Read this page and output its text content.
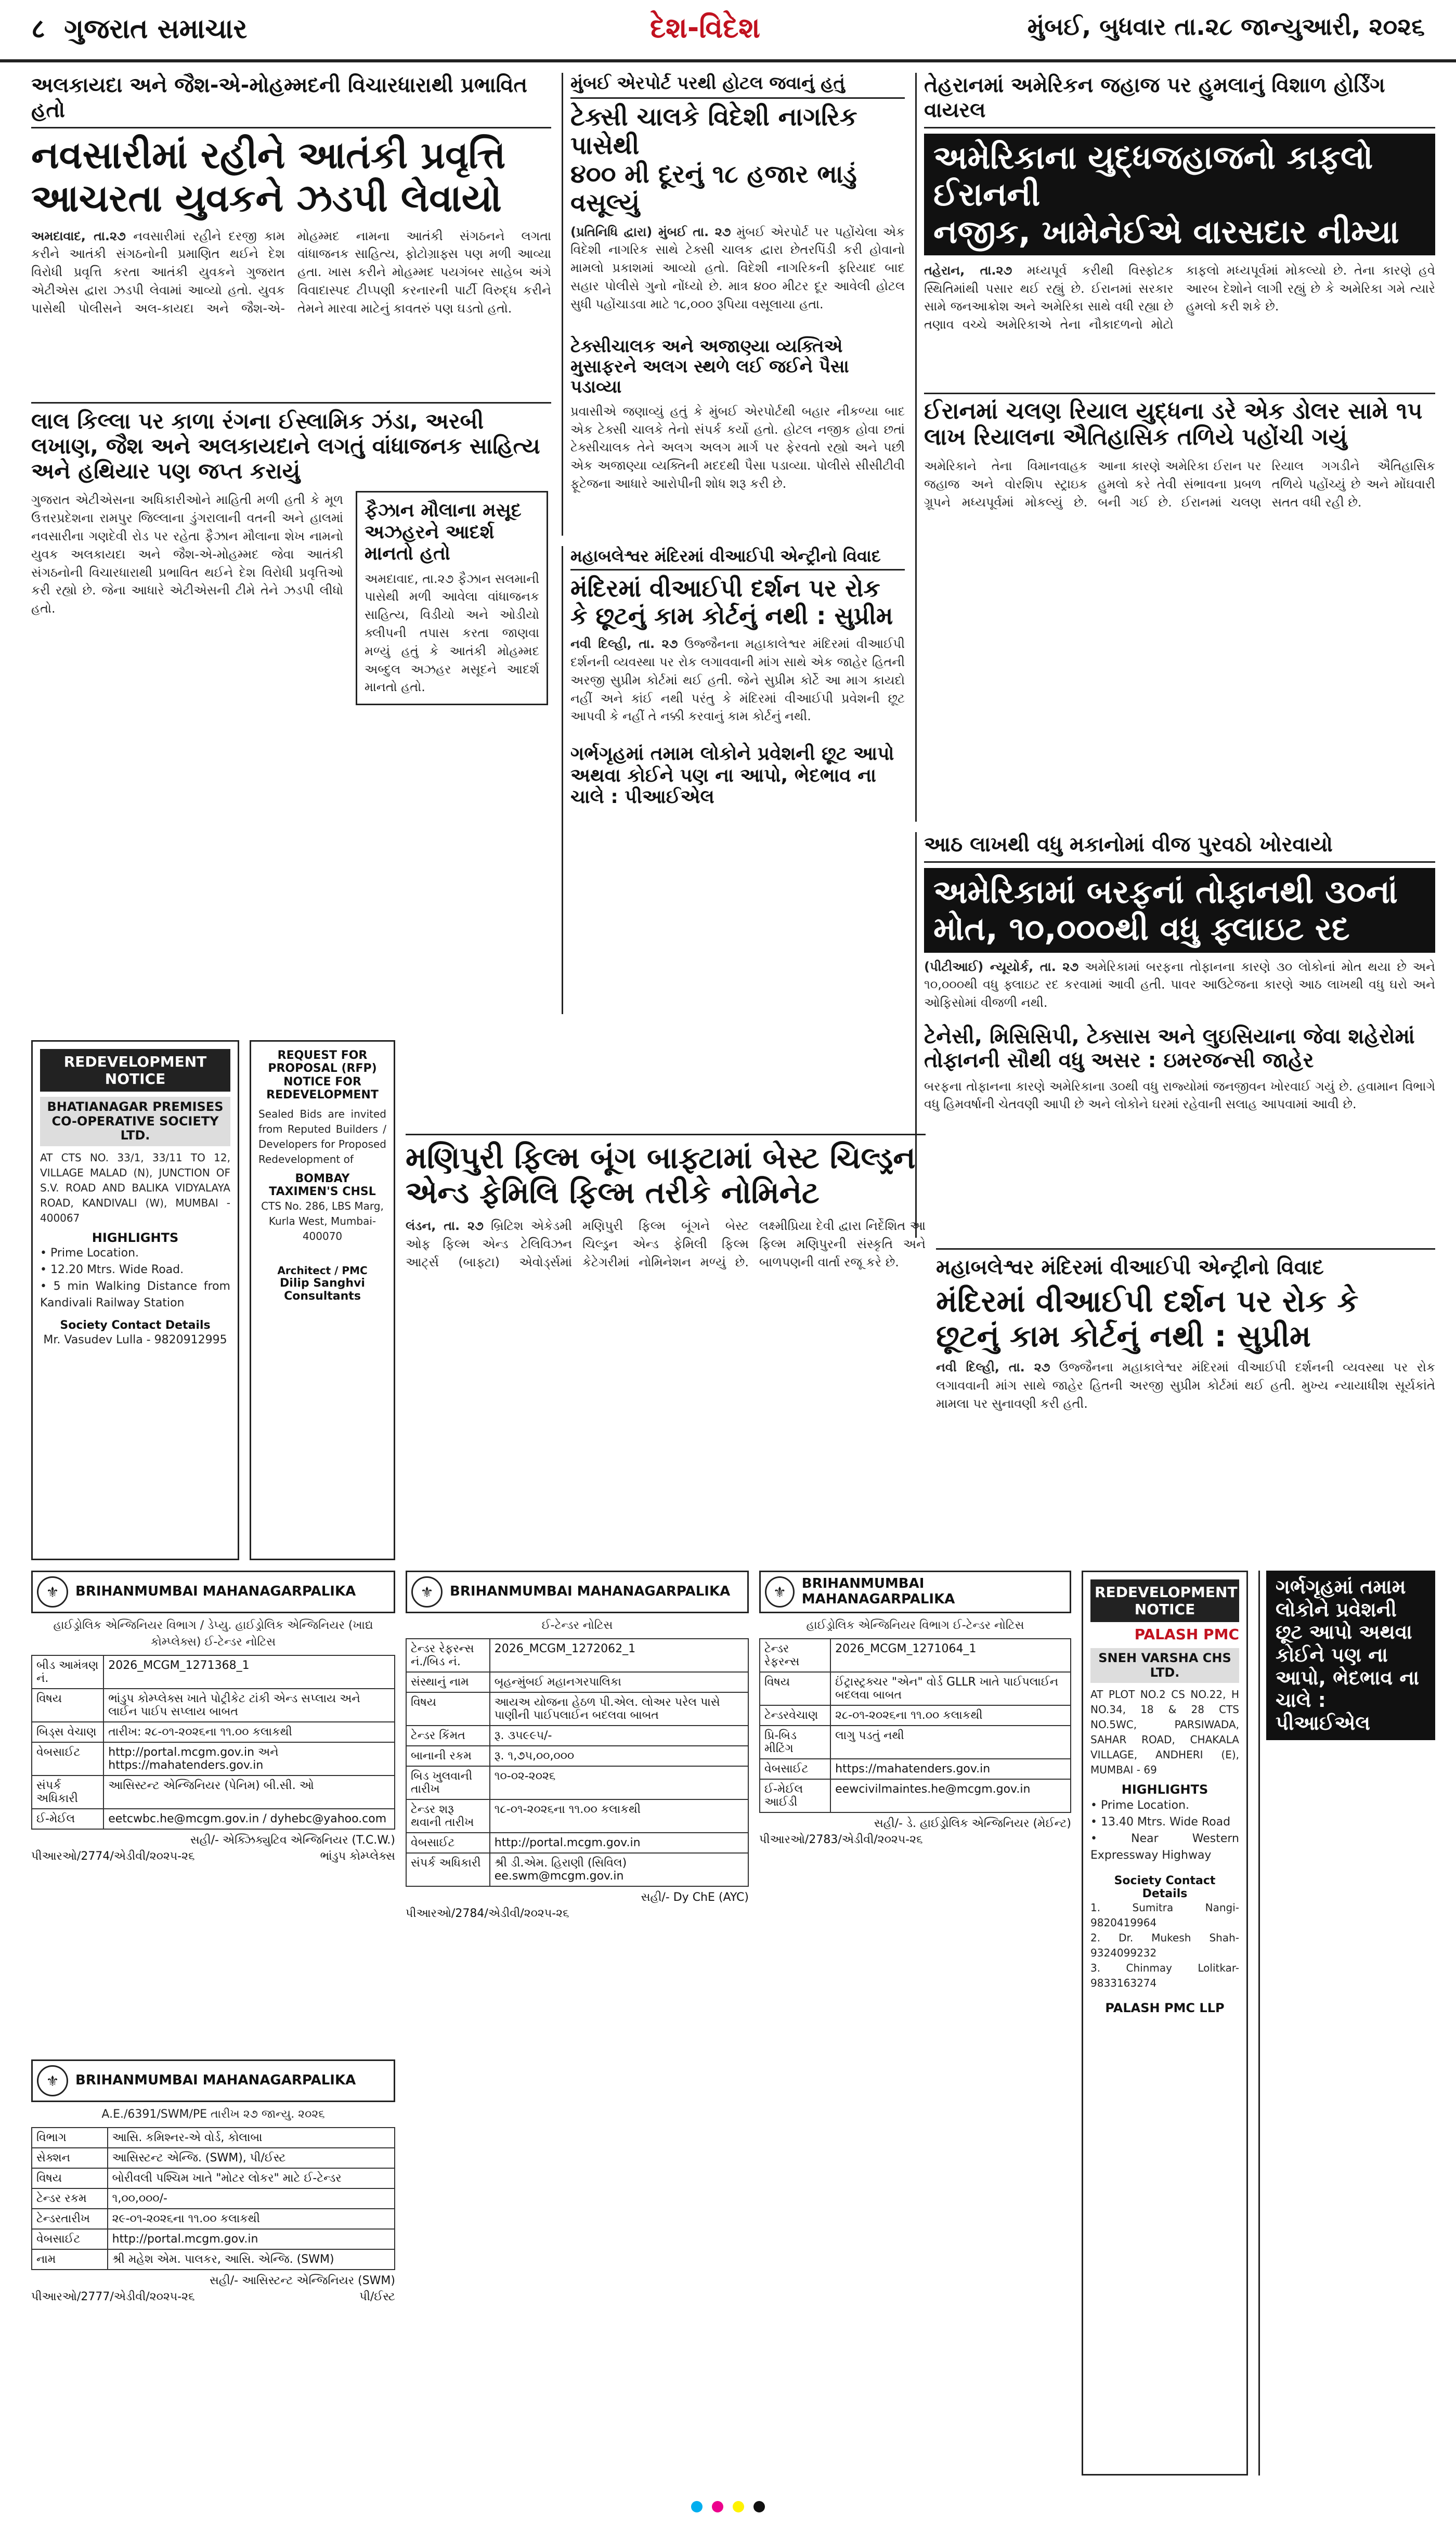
८ ગુજરાત સમાચાર	દેશ-વિદેશ	મુંબઈ, બુધવાર તા.૨૮ જાન્યુઆરી, ૨૦૨૬
અલકાયદા અને જૈશ-એ-મોહમ્મદની વિચારધારાથી પ્રભાવિત હતો
નવસારીમાં રહીને આતંકી પ્રવૃત્તિ
આચરતા યુવકને ઝડપી લેવાયો
અમદાવાદ, તા.૨૭ નવસારીમાં રહીને દરજી કામ કરીને આતંકી સંગઠનોની પ્રમાણિત થઈને દેશ વિરોધી પ્રવૃત્તિ કરતા આતંકી યુવકને ગુજરાત એટીએસ દ્વારા ઝડપી લેવામાં આવ્યો હતો. યુવક પાસેથી પોલીસને અલ-કાયદા અને જૈશ-એ-મોહમ્મદ નામના આતંકી સંગઠનને લગતા વાંધાજનક સાહિત્ય, ફોટોગ્રાફ્સ પણ મળી આવ્યા હતા. ખાસ કરીને મોહમ્મદ પયગંબર સાહેબ અંગે વિવાદાસ્પદ ટીપ્પણી કરનારની પાર્ટી વિરુદ્ધ કરીને તેમને મારવા માટેનું કાવતરું પણ ઘડતો હતો.
લાલ કિલ્લા પર કાળા રંગના ઈસ્લામિક ઝંડા, અરબી લખાણ, જૈશ અને અલકાયદાને લગતું વાંધાજનક સાહિત્ય અને હથિયાર પણ જપ્ત કરાયું
ગુજરાત એટીએસના અધિકારીઓને માહિતી મળી હતી કે મૂળ ઉત્તરપ્રદેશના રામપુર જિલ્લાના ડુંગરાલાની વતની અને હાલમાં નવસારીના ગણદેવી રોડ પર રહેતા ફૈઝાન મૌલાના શેખ નામનો યુવક અલકાયદા અને જૈશ-એ-મોહમ્મદ જેવા આતંકી સંગઠનોની વિચારધારાથી પ્રભાવિત થઈને દેશ વિરોધી પ્રવૃત્તિઓ કરી રહ્યો છે. જેના આધારે એટીએસની ટીમે તેને ઝડપી લીધો હતો.
ફૈઝાન મૌલાના મસૂદ અઝહરને આદર્શ માનતો હતો
અમદાવાદ, તા.૨૭ ફૈઝાન સલમાની પાસેથી મળી આવેલા વાંધાજનક સાહિત્ય, વિડીયો અને ઓડીયો ક્લીપની તપાસ કરતા જાણવા મળ્યું હતું કે આતંકી મોહમ્મદ અબ્દુલ અઝહર મસૂદને આદર્શ માનતો હતો.
મુંબઈ એરપોર્ટ પરથી હોટલ જવાનું હતું
ટેક્સી ચાલકે વિદેશી નાગરિક પાસેથી
૪૦૦ મી દૂરનું ૧૮ હજાર ભાડું વસૂલ્યું
(પ્રતિનિધિ દ્વારા) મુંબઈ તા. ૨૭ મુંબઈ એરપોર્ટ પર પહોંચેલા એક વિદેશી નાગરિક સાથે ટેક્સી ચાલક દ્વારા છેતરપિંડી કરી હોવાનો મામલો પ્રકાશમાં આવ્યો હતો. વિદેશી નાગરિકની ફરિયાદ બાદ સહાર પોલીસે ગુનો નોંધ્યો છે. માત્ર ૪૦૦ મીટર દૂર આવેલી હોટલ સુધી પહોંચાડવા માટે ૧૮,૦૦૦ રૂપિયા વસૂલાયા હતા.
ટેક્સીચાલક અને અજાણ્યા વ્યક્તિએ મુસાફરને અલગ સ્થળે લઈ જઈને પૈસા પડાવ્યા
પ્રવાસીએ જણાવ્યું હતું કે મુંબઈ એરપોર્ટથી બહાર નીકળ્યા બાદ એક ટેક્સી ચાલકે તેનો સંપર્ક કર્યો હતો. હોટલ નજીક હોવા છતાં ટેક્સીચાલક તેને અલગ અલગ માર્ગ પર ફેરવતો રહ્યો અને પછી એક અજાણ્યા વ્યક્તિની મદદથી પૈસા પડાવ્યા. પોલીસે સીસીટીવી ફૂટેજના આધારે આરોપીની શોધ શરૂ કરી છે.
તેહરાનમાં અમેરિકન જહાજ પર હુમલાનું વિશાળ હોર્ડિંગ વાયરલ
અમેરિકાના યુદ્ધજહાજનો કાફલો ઈરાનની
નજીક, ખામેનેઈએ વારસદાર નીમ્યા
તહેરાન, તા.૨૭ મધ્યપૂર્વ કરીથી વિસ્ફોટક સ્થિતિમાંથી પસાર થઈ રહ્યું છે. ઈરાનમાં સરકાર સામે જનઆક્રોશ અને અમેરિકા સાથે વધી રહ્યા છે તણાવ વચ્ચે અમેરિકાએ તેના નૌકાદળનો મોટો કાફલો મધ્યપૂર્વમાં મોકલ્યો છે. તેના કારણે હવે આરબ દેશોને લાગી રહ્યું છે કે અમેરિકા ગમે ત્યારે હુમલો કરી શકે છે.
ઈરાનમાં ચલણ રિયાલ યુદ્ધના ડરે એક ડોલર સામે ૧૫ લાખ રિયાલના ઐતિહાસિક તળિયે પહોંચી ગયું
અમેરિકાને તેના વિમાનવાહક જહાજ અને વોરશિપ સ્ટ્રાઇક ગ્રૂપને મધ્યપૂર્વમાં મોકલ્યું છે. આના કારણે અમેરિકા ઈરાન પર હુમલો કરે તેવી સંભાવના પ્રબળ બની ગઈ છે. ઈરાનમાં ચલણ રિયાલ ગગડીને ઐતિહાસિક તળિયે પહોંચ્યું છે અને મોંઘવારી સતત વધી રહી છે.
મહાબલેશ્વર મંદિરમાં વીઆઈપી એન્ટ્રીનો વિવાદ
મંદિરમાં વીઆઈપી દર્શન પર રોક
કે છૂટનું કામ કોર્ટનું નથી : સુપ્રીમ
નવી દિલ્હી, તા. ૨૭ ઉજ્જૈનના મહાકાલેશ્વર મંદિરમાં વીઆઈપી દર્શનની વ્યવસ્થા પર રોક લગાવવાની માંગ સાથે એક જાહેર હિતની અરજી સુપ્રીમ કોર્ટમાં થઈ હતી. જેને સુપ્રીમ કોર્ટે આ માગ કાયદો નહીં અને કાંઈ નથી પરંતુ કે મંદિરમાં વીઆઈપી પ્રવેશની છૂટ આપવી કે નહીં તે નક્કી કરવાનું કામ કોર્ટનું નથી.
ગર્ભગૃહમાં તમામ લોકોને પ્રવેશની છૂટ આપો અથવા કોઈને પણ ના આપો, ભેદભાવ ના ચાલે : પીઆઈએલ
આઠ લાખથી વધુ મકાનોમાં વીજ પુરવઠો ખોરવાયો
અમેરિકામાં બરફનાં તોફાનથી ૩૦નાં
મોત, ૧૦,૦૦૦થી વધુ ફ્લાઇટ રદ
(પીટીઆઈ) ન્યૂયોર્ક, તા. ૨૭ અમેરિકામાં બરફના તોફાનના કારણે ૩૦ લોકોનાં મોત થયા છે અને ૧૦,૦૦૦થી વધુ ફ્લાઇટ રદ કરવામાં આવી હતી. પાવર આઉટેજના કારણે આઠ લાખથી વધુ ઘરો અને ઓફિસોમાં વીજળી નથી.
ટેનેસી, મિસિસિપી, ટેક્સાસ અને લુઇસિયાના જેવા શહેરોમાં તોફાનની સૌથી વધુ અસર : ઇમરજન્સી જાહેર
બરફના તોફાનના કારણે અમેરિકાના ૩૦થી વધુ રાજ્યોમાં જનજીવન ખોરવાઈ ગયું છે. હવામાન વિભાગે વધુ હિમવર્ષાની ચેતવણી આપી છે અને લોકોને ઘરમાં રહેવાની સલાહ આપવામાં આવી છે.
REDEVELOPMENT NOTICE
BHATIANAGAR PREMISES CO-OPERATIVE SOCIETY LTD.
AT CTS NO. 33/1, 33/11 TO 12, VILLAGE MALAD (N), JUNCTION OF S.V. ROAD AND BALIKA VIDYALAYA ROAD, KANDIVALI (W), MUMBAI - 400067
HIGHLIGHTS
• Prime Location.
• 12.20 Mtrs. Wide Road.
• 5 min Walking Distance from Kandivali Railway Station
Society Contact Details
Mr. Vasudev Lulla - 9820912995
REQUEST FOR PROPOSAL (RFP) NOTICE FOR REDEVELOPMENT
Sealed Bids are invited from Reputed Builders / Developers for Proposed Redevelopment of
BOMBAY TAXIMEN'S CHSL
CTS No. 286, LBS Marg, Kurla West, Mumbai-400070
Architect / PMC
Dilip Sanghvi Consultants
મણિપુરી ફિલ્મ બૂંગ બાફ્ટામાં બેસ્ટ ચિલ્ડ્રન
એન્ડ ફેમિલિ ફિલ્મ તરીકે નોમિનેટ
લંડન, તા. ૨૭ બ્રિટિશ એકેડમી ઓફ ફિલ્મ એન્ડ ટેલિવિઝન આર્ટ્સ (બાફ્ટા) એવોર્ડ્સમાં મણિપુરી ફિલ્મ બૂંગને બેસ્ટ ચિલ્ડ્રન એન્ડ ફેમિલી ફિલ્મ કેટેગરીમાં નોમિનેશન મળ્યું છે. લક્ષ્મીપ્રિયા દેવી દ્વારા નિર્દેશિત આ ફિલ્મ મણિપુરની સંસ્કૃતિ અને બાળપણની વાર્તા રજૂ કરે છે.
⚜	BRIHANMUMBAI MAHANAGARPALIKA
હાઈડ્રોલિક એન્જિનિયર વિભાગ / ડેપ્યુ. હાઈડ્રોલિક એન્જિનિયર (ખાદ્ય કોમ્પ્લેક્સ) ઈ-ટેન્ડર નોટિસ
બીડ આમંત્રણ નં.	2026_MCGM_1271368_1
વિષય	ભાંડુપ કોમ્પ્લેક્સ ખાતે પોટ્રીકેટ ટાંકી એન્ડ સપ્લાય અને લાઈન પાઈપ સપ્લાય બાબત
બિડ્સ વેચાણ	તારીખ: ૨૮-૦૧-૨૦૨૬ના ૧૧.૦૦ કલાકથી
વેબસાઈટ	http://portal.mcgm.gov.in અને https://mahatenders.gov.in
સંપર્ક અધિકારી	આસિસ્ટન્ટ એન્જિનિયર (પેનિમ) બી.સી. ઓ
ઈ-મેઈલ	eetcwbc.he@mcgm.gov.in / dyhebc@yahoo.com
સહી/- એક્ઝિક્યુટિવ એન્જિનિયર (T.C.W.)
પીઆરઓ/2774/એડીવી/૨૦૨૫-૨૬	ભાંડુપ કોમ્પ્લેક્સ
⚜	BRIHANMUMBAI MAHANAGARPALIKA
A.E./6391/SWM/PE તારીખ ૨૭ જાન્યુ. ૨૦૨૬
વિભાગ	આસિ. કમિશ્નર-એ વોર્ડ, કોલાબા
સેક્શન	આસિસ્ટન્ટ એન્જિ. (SWM), પી/ઈસ્ટ
વિષય	બોરીવલી પશ્ચિમ ખાતે "મોટર લોકર" માટે ઈ-ટેન્ડર
ટેન્ડર રકમ	૧,૦૦,૦૦૦/-
ટેન્ડરતારીખ	૨૯-૦૧-૨૦૨૬ના ૧૧.૦૦ કલાકથી
વેબસાઈટ	http://portal.mcgm.gov.in
નામ	શ્રી મહેશ એમ. પાલકર, આસિ. એન્જિ. (SWM)
સહી/- આસિસ્ટન્ટ એન્જિનિયર (SWM)
પીઆરઓ/2777/એડીવી/૨૦૨૫-૨૬	પી/ઈસ્ટ
⚜	BRIHANMUMBAI MAHANAGARPALIKA
ઈ-ટેન્ડર નોટિસ
ટેન્ડર રેફરન્સ નં./બિડ નં.	2026_MCGM_1272062_1
સંસ્થાનું નામ	બૃહન્મુંબઈ મહાનગરપાલિકા
વિષય	આયઅ યોજના હેઠળ પી.એલ. લોઅર પરેલ પાસે પાણીની પાઈપલાઈન બદલવા બાબત
ટેન્ડર કિંમત	રૂ. ૩૫૯૯૫/-
બાનાની રકમ	રૂ. ૧,૭૫,૦૦,૦૦૦
બિડ ખુલવાની તારીખ	૧૦-૦૨-૨૦૨૬
ટેન્ડર શરૂ થવાની તારીખ	૧૮-૦૧-૨૦૨૬ના ૧૧.૦૦ કલાકથી
વેબસાઈટ	http://portal.mcgm.gov.in
સંપર્ક અધિકારી	શ્રી ડી.એમ. હિરાણી (સિવિલ) ee.swm@mcgm.gov.in
સહી/- Dy ChE (AYC)
પીઆરઓ/2784/એડીવી/૨૦૨૫-૨૬
⚜	BRIHANMUMBAI MAHANAGARPALIKA
હાઈડ્રોલિક એન્જિનિયર વિભાગ ઈ-ટેન્ડર નોટિસ
ટેન્ડર રેફરન્સ	2026_MCGM_1271064_1
વિષય	ઈંટ્રાસ્ટ્રક્ચર "એન" વોર્ડ GLLR ખાતે પાઈપલાઈન બદલવા બાબત
ટેન્ડરવેચાણ	૨૮-૦૧-૨૦૨૬ના ૧૧.૦૦ કલાકથી
પ્રિ-બિડ મીટિંગ	લાગુ પડતું નથી
વેબસાઈટ	https://mahatenders.gov.in
ઈ-મેઈલ આઈડી	eewcivilmaintes.he@mcgm.gov.in
સહી/- ડે. હાઈડ્રોલિક એન્જિનિયર (મેઈન્ટ)
પીઆરઓ/2783/એડીવી/૨૦૨૫-૨૬
મહાબલેશ્વર મંદિરમાં વીઆઈપી એન્ટ્રીનો વિવાદ
મંદિરમાં વીઆઈપી દર્શન પર રોક કે
છૂટનું કામ કોર્ટનું નથી : સુપ્રીમ
નવી દિલ્હી, તા. ૨૭ ઉજ્જૈનના મહાકાલેશ્વર મંદિરમાં વીઆઈપી દર્શનની વ્યવસ્થા પર રોક લગાવવાની માંગ સાથે જાહેર હિતની અરજી સુપ્રીમ કોર્ટમાં થઈ હતી. મુખ્ય ન્યાયાધીશ સૂર્યકાંતે મામલા પર સુનાવણી કરી હતી.
REDEVELOPMENT NOTICE
PALASH PMC
SNEH VARSHA CHS LTD.
AT PLOT NO.2 CS NO.22, H NO.34, 18 & 28 CTS NO.5WC, PARSIWADA, SAHAR ROAD, CHAKALA VILLAGE, ANDHERI (E), MUMBAI - 69
HIGHLIGHTS
• Prime Location.
• 13.40 Mtrs. Wide Road
• Near Western Expressway Highway
Society Contact Details
1. Sumitra Nangi-9820419964
2. Dr. Mukesh Shah-9324099232
3. Chinmay Lolitkar-9833163274
PALASH PMC LLP
ગર્ભગૃહમાં તમામ લોકોને પ્રવેશની છૂટ આપો અથવા કોઈને પણ ના આપો, ભેદભાવ ના ચાલે : પીઆઈએલ
